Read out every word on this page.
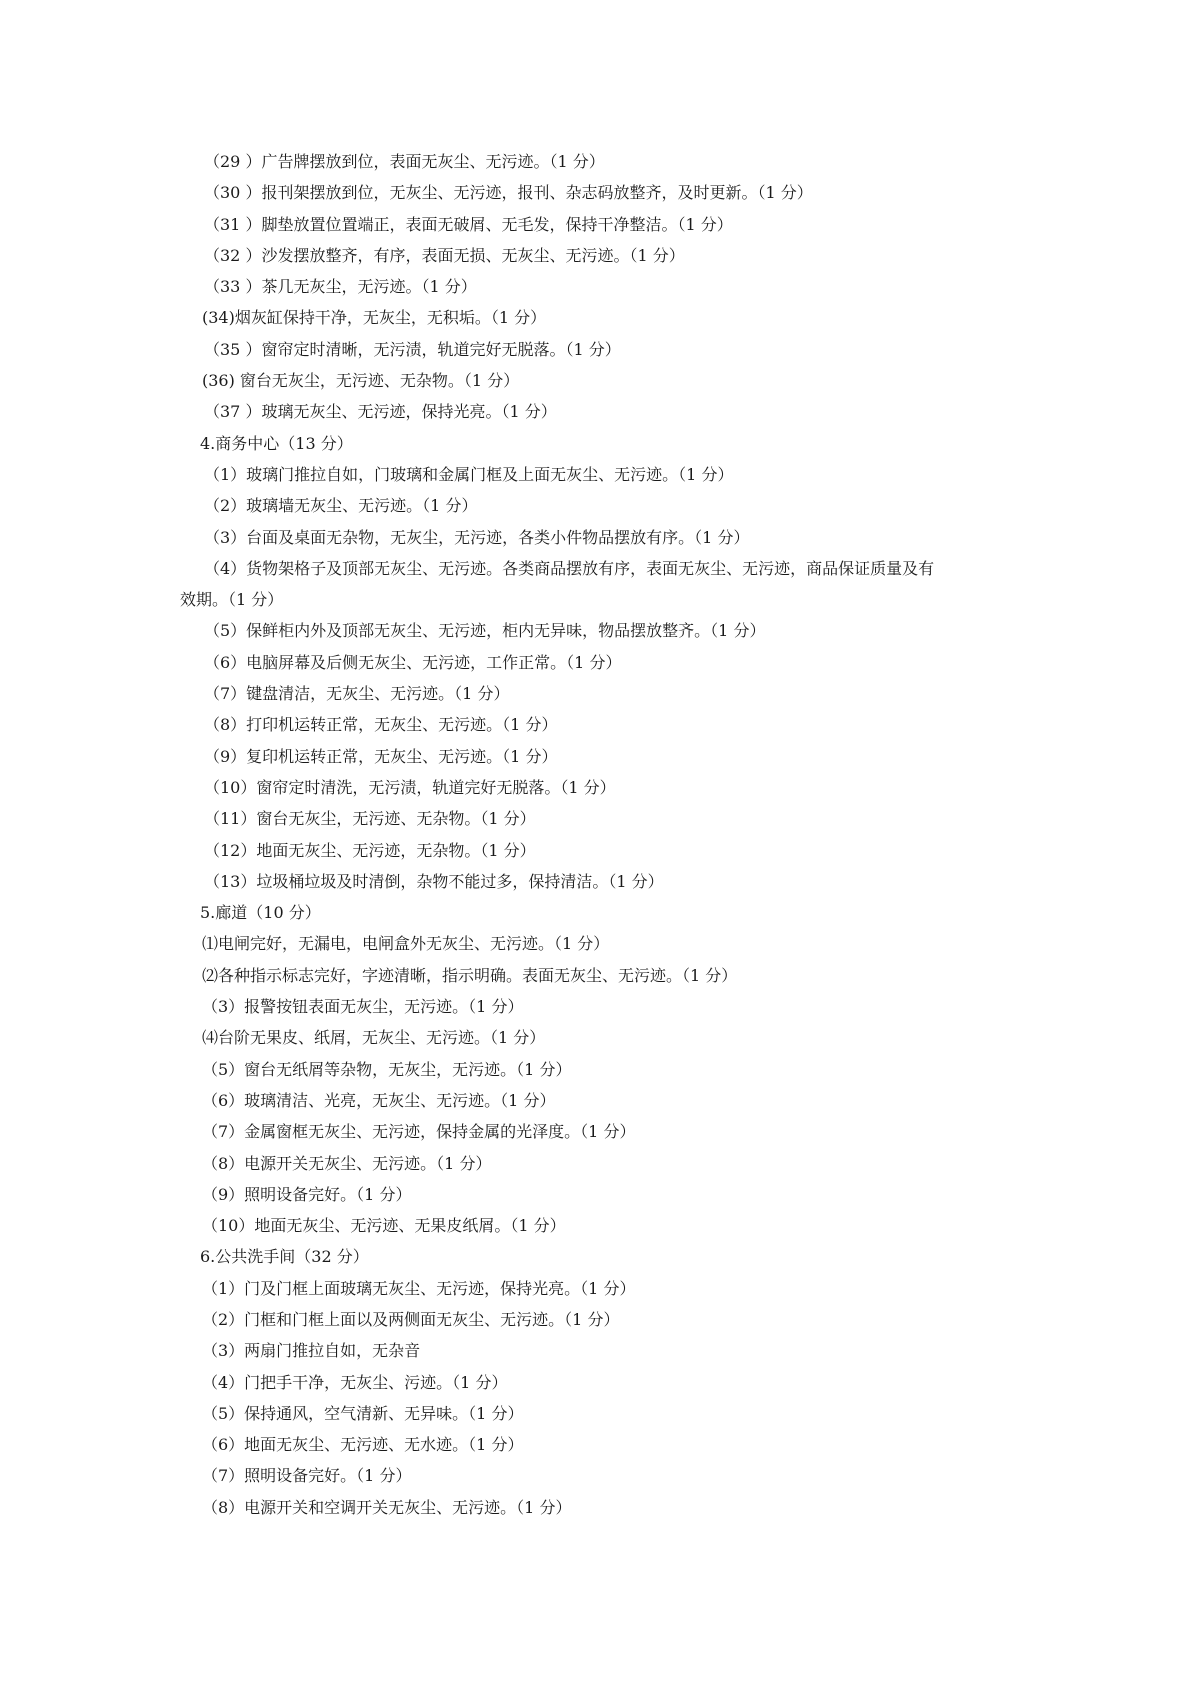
（29 ）广告牌摆放到位，表面无灰尘、无污迹。（1 分）
（30 ）报刊架摆放到位，无灰尘、无污迹，报刊、杂志码放整齐，及时更新。（1 分）
（31 ）脚垫放置位置端正，表面无破屑、无毛发，保持干净整洁。（1 分）
（32 ）沙发摆放整齐，有序，表面无损、无灰尘、无污迹。（1 分）
（33 ）茶几无灰尘，无污迹。（1 分）
(34)烟灰缸保持干净，无灰尘，无积垢。（1 分）
（35 ）窗帘定时清晰，无污渍，轨道完好无脱落。（1 分）
(36) 窗台无灰尘，无污迹、无杂物。（1 分）
（37 ）玻璃无灰尘、无污迹，保持光亮。（1 分）
4.商务中心（13 分）
（1）玻璃门推拉自如，门玻璃和金属门框及上面无灰尘、无污迹。（1 分）
（2）玻璃墙无灰尘、无污迹。（1 分）
（3）台面及桌面无杂物，无灰尘，无污迹，各类小件物品摆放有序。（1 分）
（4）货物架格子及顶部无灰尘、无污迹。各类商品摆放有序，表面无灰尘、无污迹，商品保证质量及有
效期。（1 分）
（5）保鲜柜内外及顶部无灰尘、无污迹，柜内无异味，物品摆放整齐。（1 分）
（6）电脑屏幕及后侧无灰尘、无污迹，工作正常。（1 分）
（7）键盘清洁，无灰尘、无污迹。（1 分）
（8）打印机运转正常，无灰尘、无污迹。（1 分）
（9）复印机运转正常，无灰尘、无污迹。（1 分）
（10）窗帘定时清洗，无污渍，轨道完好无脱落。（1 分）
（11）窗台无灰尘，无污迹、无杂物。（1 分）
（12）地面无灰尘、无污迹，无杂物。（1 分）
（13）垃圾桶垃圾及时清倒，杂物不能过多，保持清洁。（1 分）
5.廊道（10 分）
⑴电闸完好，无漏电，电闸盒外无灰尘、无污迹。（1 分）
⑵各种指示标志完好，字迹清晰，指示明确。表面无灰尘、无污迹。（1 分）
（3）报警按钮表面无灰尘，无污迹。（1 分）
⑷台阶无果皮、纸屑，无灰尘、无污迹。（1 分）
（5）窗台无纸屑等杂物，无灰尘，无污迹。（1 分）
（6）玻璃清洁、光亮，无灰尘、无污迹。（1 分）
（7）金属窗框无灰尘、无污迹，保持金属的光泽度。（1 分）
（8）电源开关无灰尘、无污迹。（1 分）
（9）照明设备完好。（1 分）
（10）地面无灰尘、无污迹、无果皮纸屑。（1 分）
6.公共洗手间（32 分）
（1）门及门框上面玻璃无灰尘、无污迹，保持光亮。（1 分）
（2）门框和门框上面以及两侧面无灰尘、无污迹。（1 分）
（3）两扇门推拉自如，无杂音
（4）门把手干净，无灰尘、污迹。（1 分）
（5）保持通风，空气清新、无异味。（1 分）
（6）地面无灰尘、无污迹、无水迹。（1 分）
（7）照明设备完好。（1 分）
（8）电源开关和空调开关无灰尘、无污迹。（1 分）
